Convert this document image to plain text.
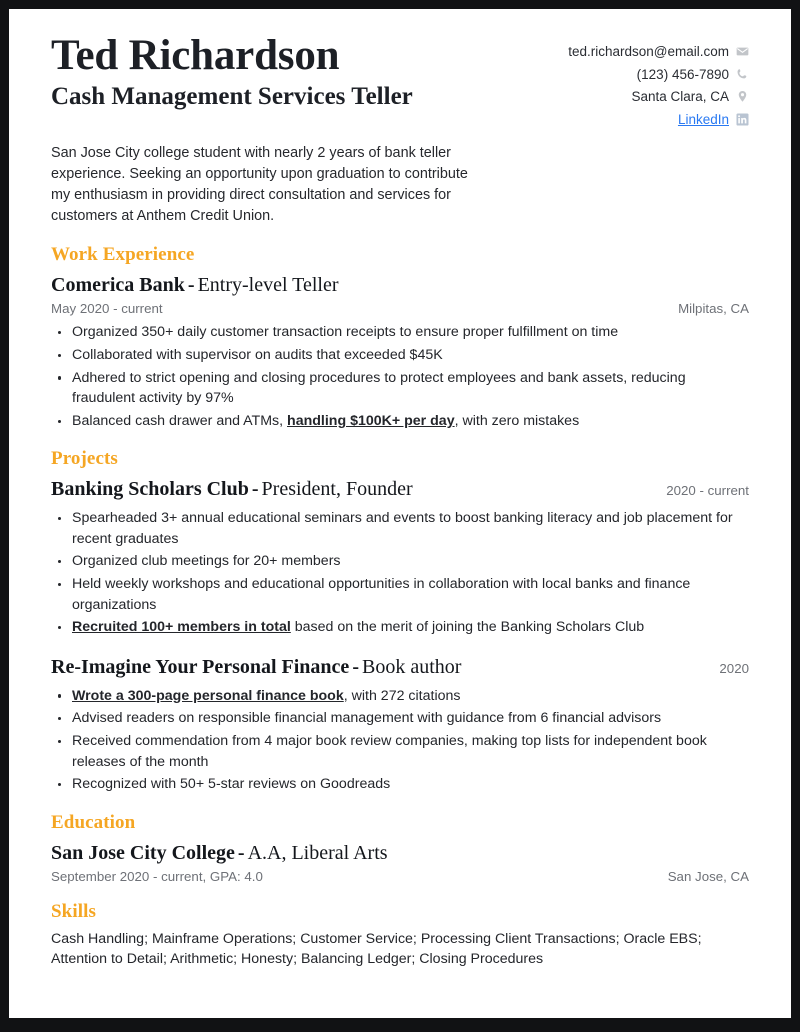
Ted Richardson
Cash Management Services Teller
ted.richardson@email.com
(123) 456-7890
Santa Clara, CA
LinkedIn

San Jose City college student with nearly 2 years of bank teller experience. Seeking an opportunity upon graduation to contribute my enthusiasm in providing direct consultation and services for customers at Anthem Credit Union.

Work Experience
Comerica Bank - Entry-level Teller
May 2020 - current	Milpitas, CA
Organized 350+ daily customer transaction receipts to ensure proper fulfillment on time
Collaborated with supervisor on audits that exceeded $45K
Adhered to strict opening and closing procedures to protect employees and bank assets, reducing fraudulent activity by 97%
Balanced cash drawer and ATMs, handling $100K+ per day, with zero mistakes
Projects
Banking Scholars Club - President, Founder	2020 - current
Spearheaded 3+ annual educational seminars and events to boost banking literacy and job placement for recent graduates
Organized club meetings for 20+ members
Held weekly workshops and educational opportunities in collaboration with local banks and finance organizations
Recruited 100+ members in total based on the merit of joining the Banking Scholars Club
Re-Imagine Your Personal Finance - Book author	2020
Wrote a 300-page personal finance book, with 272 citations
Advised readers on responsible financial management with guidance from 6 financial advisors
Received commendation from 4 major book review companies, making top lists for independent book releases of the month
Recognized with 50+ 5-star reviews on Goodreads
Education
San Jose City College - A.A, Liberal Arts
September 2020 - current, GPA: 4.0	San Jose, CA
Skills
Cash Handling; Mainframe Operations; Customer Service; Processing Client Transactions; Oracle EBS; Attention to Detail; Arithmetic; Honesty; Balancing Ledger; Closing Procedures
